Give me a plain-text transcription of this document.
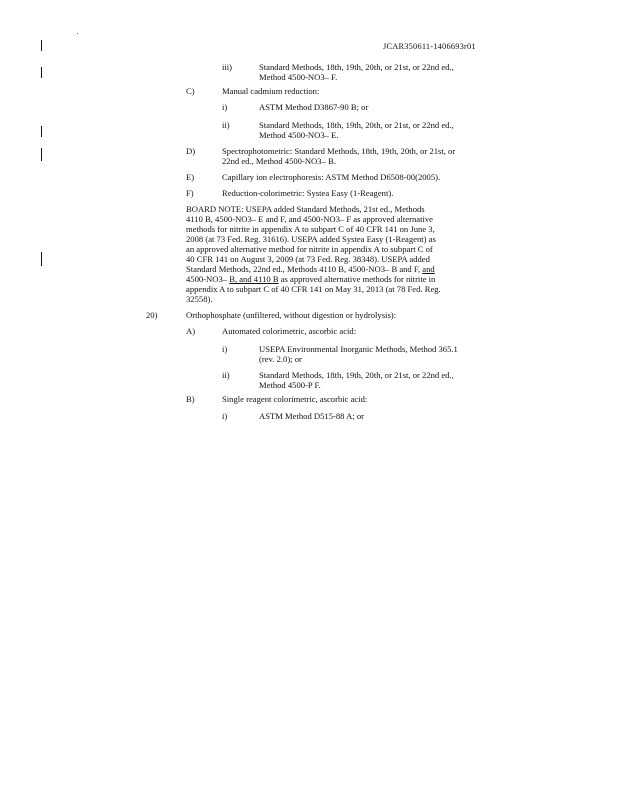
JCAR350611-1406693r01
iii)	Standard Methods, 18th, 19th, 20th, or 21st, or 22nd ed.,
Method 4500-NO3– F.
C)	Manual cadmium reduction:
i)	ASTM Method D3867-90 B; or
ii)	Standard Methods, 18th, 19th, 20th, or 21st, or 22nd ed.,
Method 4500-NO3– E.
D)	Spectrophotometric: Standard Methods, 18th, 19th, 20th, or 21st, or
22nd ed., Method 4500-NO3– B.
E)	Capillary ion electrophoresis: ASTM Method D6508-00(2005).
F)	Reduction-colorimetric: Systea Easy (1-Reagent).
BOARD NOTE: USEPA added Standard Methods, 21st ed., Methods
4110 B, 4500-NO3– E and F, and 4500-NO3– F as approved alternative
methods for nitrite in appendix A to subpart C of 40 CFR 141 on June 3,
2008 (at 73 Fed. Reg. 31616). USEPA added Systea Easy (1-Reagent) as
an approved alternative method for nitrite in appendix A to subpart C of
40 CFR 141 on August 3, 2009 (at 73 Fed. Reg. 38348). USEPA added
Standard Methods, 22nd ed., Methods 4110 B, 4500-NO3– B and F, and
4500-NO3– B, and 4110 B as approved alternative methods for nitrite in
appendix A to subpart C of 40 CFR 141 on May 31, 2013 (at 78 Fed. Reg.
32558).
20)	Orthophosphate (unfiltered, without digestion or hydrolysis):
A)	Automated colorimetric, ascorbic acid:
i)	USEPA Environmental Inorganic Methods, Method 365.1
(rev. 2.0); or
ii)	Standard Methods, 18th, 19th, 20th, or 21st, or 22nd ed.,
Method 4500-P F.
B)	Single reagent colorimetric, ascorbic acid:
i)	ASTM Method D515-88 A; or
